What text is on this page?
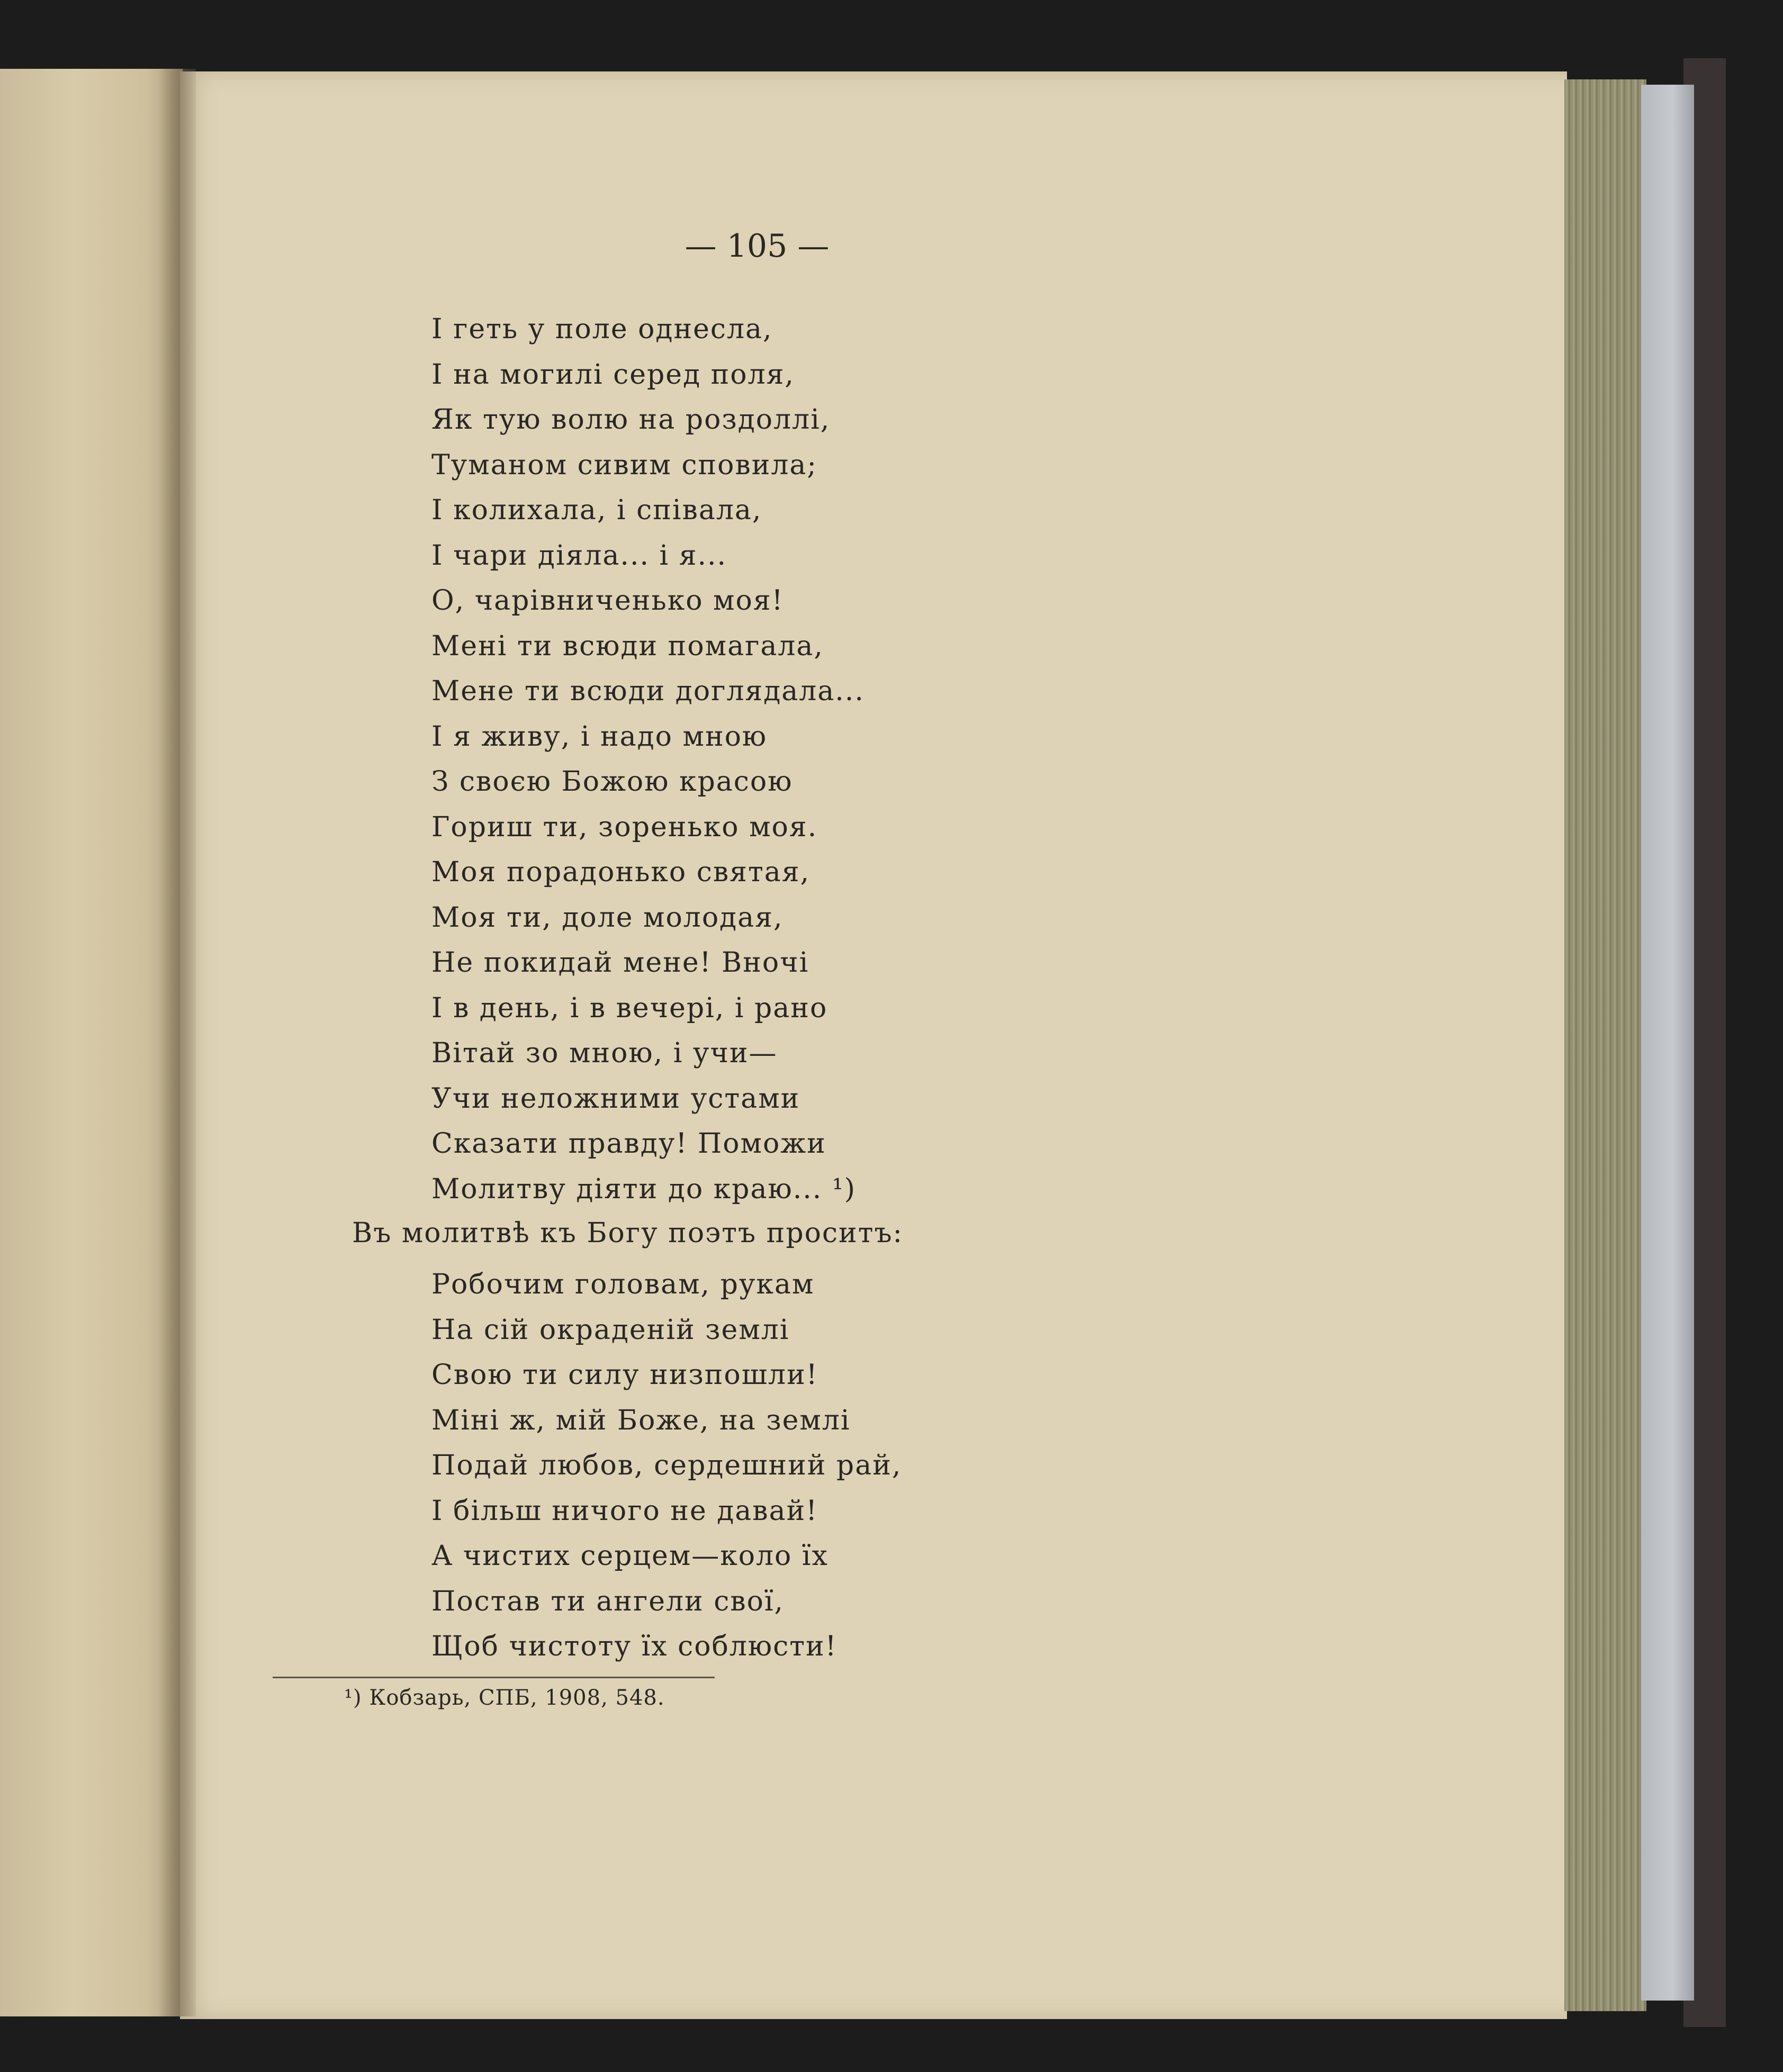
— 105 —
І геть у поле однесла,
І на могилі серед поля,
Як тую волю на роздоллі,
Туманом сивим сповила;
І колихала, і співала,
І чари діяла... і я...
О, чарівниченько моя!
Мені ти всюди помагала,
Мене ти всюди доглядала...
І я живу, і надо мною
З своєю Божою красою
Гориш ти, зоренько моя.
Моя порадонько святая,
Моя ти, доле молодая,
Не покидай мене! Вночі
І в день, і в вечері, і рано
Вітай зо мною, і учи—
Учи неложними устами
Сказати правду! Поможи
Молитву діяти до краю... ¹)
Въ молитвѣ къ Богу поэтъ проситъ:
Робочим головам, рукам
На сій окраденій землі
Свою ти силу низпошли!
Міні ж, мій Боже, на землі
Подай любов, сердешний рай,
І більш ничого не давай!
А чистих серцем—коло їх
Постав ти ангели свої,
Щоб чистоту їх соблюсти!
¹) Кобзарь, СПБ, 1908, 548.
